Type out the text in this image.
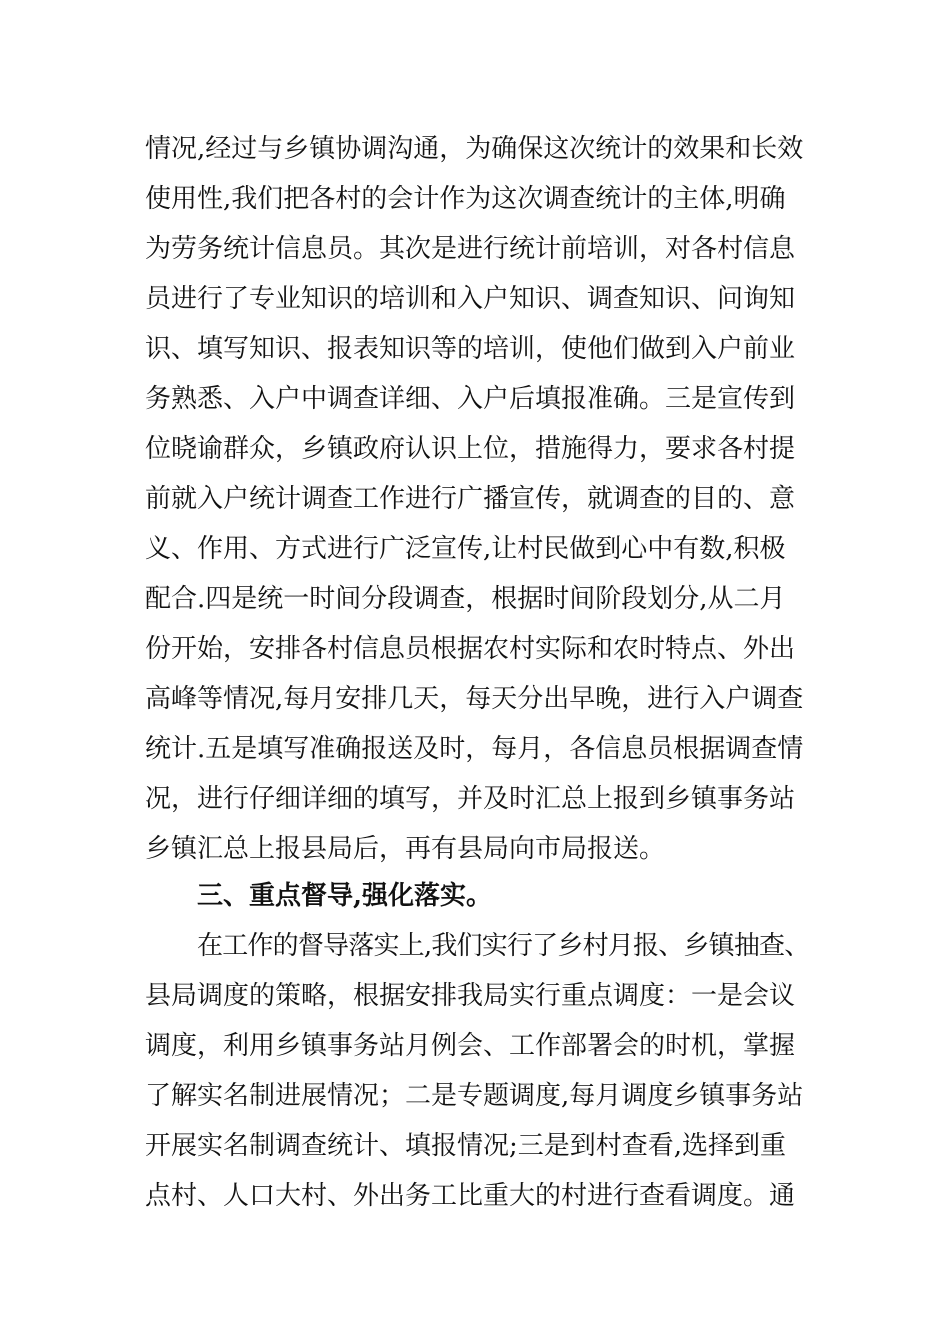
情况,经过与乡镇协调沟通，为确保这次统计的效果和长效
使用性,我们把各村的会计作为这次调查统计的主体,明确
为劳务统计信息员。其次是进行统计前培训，对各村信息
员进行了专业知识的培训和入户知识、调查知识、问询知
识、填写知识、报表知识等的培训，使他们做到入户前业
务熟悉、入户中调查详细、入户后填报准确。三是宣传到
位晓谕群众，乡镇政府认识上位，措施得力，要求各村提
前就入户统计调查工作进行广播宣传，就调查的目的、意
义、作用、方式进行广泛宣传,让村民做到心中有数,积极
配合.四是统一时间分段调查，根据时间阶段划分,从二月
份开始，安排各村信息员根据农村实际和农时特点、外出
高峰等情况,每月安排几天，每天分出早晚，进行入户调查
统计.五是填写准确报送及时，每月，各信息员根据调查情
况，进行仔细详细的填写，并及时汇总上报到乡镇事务站
乡镇汇总上报县局后，再有县局向市局报送。
三、重点督导,强化落实。
在工作的督导落实上,我们实行了乡村月报、乡镇抽查、
县局调度的策略，根据安排我局实行重点调度：一是会议
调度，利用乡镇事务站月例会、工作部署会的时机，掌握
了解实名制进展情况；二是专题调度,每月调度乡镇事务站
开展实名制调查统计、填报情况;三是到村查看,选择到重
点村、人口大村、外出务工比重大的村进行查看调度。通
